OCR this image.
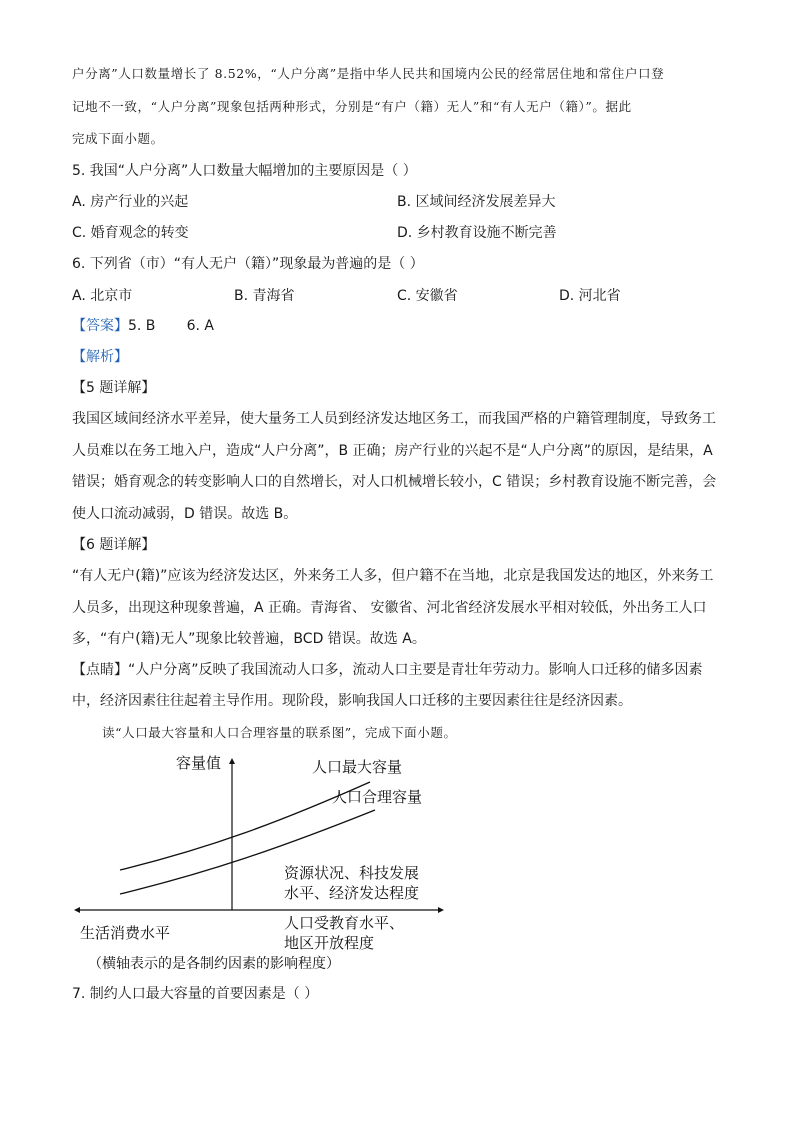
户分离”人口数量增长了 8.52%，“人户分离”是指中华人民共和国境内公民的经常居住地和常住户口登
记地不一致，“人户分离”现象包括两种形式，分别是“有户（籍）无人”和“有人无户（籍）”。据此
完成下面小题。
5. 我国“人户分离”人口数量大幅增加的主要原因是（ ）
A. 房产行业的兴起	B. 区域间经济发展差异大
C. 婚育观念的转变	D. 乡村教育设施不断完善
6. 下列省（市）“有人无户（籍）”现象最为普遍的是（ ）
A. 北京市	B. 青海省	C. 安徽省	D. 河北省
【答案】5. B       6. A
【解析】
【5 题详解】
我国区域间经济水平差异，使大量务工人员到经济发达地区务工，而我国严格的户籍管理制度，导致务工
人员难以在务工地入户，造成“人户分离”，B 正确；房产行业的兴起不是“人户分离”的原因，是结果，A
错误；婚育观念的转变影响人口的自然增长，对人口机械增长较小，C 错误；乡村教育设施不断完善，会
使人口流动减弱，D 错误。故选 B。
【6 题详解】
“有人无户(籍)”应该为经济发达区，外来务工人多，但户籍不在当地，北京是我国发达的地区，外来务工
人员多，出现这种现象普遍，A 正确。青海省、 安徽省、河北省经济发展水平相对较低，外出务工人口
多，“有户(籍)无人”现象比较普遍，BCD 错误。故选 A。
【点睛】“人户分离”反映了我国流动人口多，流动人口主要是青壮年劳动力。影响人口迁移的储多因素
中，经济因素往往起着主导作用。现阶段，影响我国人口迁移的主要因素往往是经济因素。
读“人口最大容量和人口合理容量的联系图”，完成下面小题。
容量值	人口最大容量
人口合理容量
资源状况、科技发展
水平、经济发达程度
生活消费水平
人口受教育水平、
地区开放程度
（横轴表示的是各制约因素的影响程度）
7. 制约人口最大容量的首要因素是（ ）
